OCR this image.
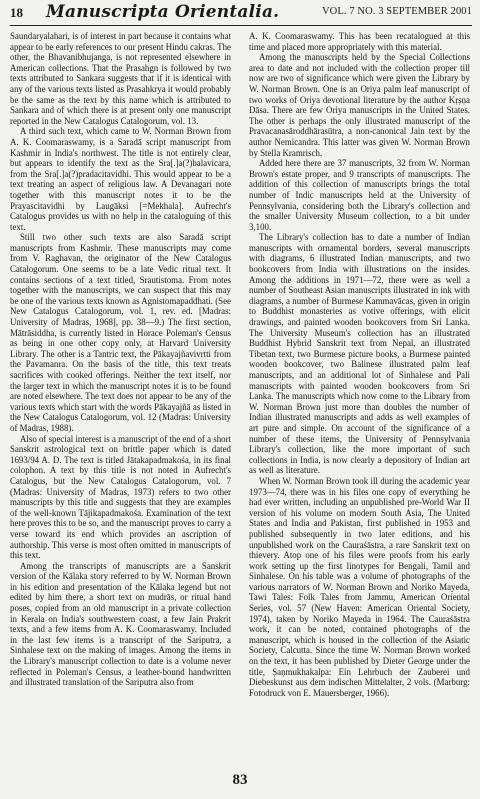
18 Manuscripta Orientalia.	VOL. 7 NO. 3 SEPTEMBER 2001

Saundaryalahari, is of interest in part because it contains what appear to be early references to our present Hindu cakras. The other, the Bhavanibhujanga, is not represented elsewhere in American collections. That the Prasahgn is followed by two texts attributed to Sankara suggests that if it is identical with any of the various texts listed as Prasahkrya it would probably be the same as the text by this name which is attributed to Sankara and of which there is at present only one manuscript reported in the New Catalogus Catalogorum, vol. 13.

A third such text, which came to W. Norman Brown from A. K. Coomaraswamy, is a Saradā script manuscript from Kashmir in India's northwest. The title is not entirely clear, but appears to identify the text as the Sra[.]a(?)balavicara, from the Sra[.]a(?)pradacitavidhi. This would appear to be a text treating an aspect of religious law. A Devanagari note together with this manuscript notes it to be the Prayascitavidhi by Laugāksi [=Mekhala]. Aufrecht's Catalogus provides us with no help in the cataloguing of this text.

Still two other such texts are also Saradā script manuscripts from Kashmir. These manuscripts may come from V. Raghavan, the originator of the New Catalogus Catalogorum. One seems to be a late Vedic ritual text. It contains sections of a text titled, Srautistoma. From notes together with the manuscripts, we can suspect that this may be one of the various texts known as Agnistomapaddhati. (See New Catalogus Catalogorum, vol. 1, rev. ed. [Madras: University of Madras, 1968], pp. 38—9.) The first section, Mātrāsiddha, is currently listed in Horace Poleman's Census as being in one other copy only, at Harvard University Library. The other is a Tantric text, the Pākayajñavivrtti from the Pavamanra. On the basis of the title, this text treats sacrifices with cooked offerings. Neither the text itself, nor the larger text in which the manuscript notes it is to be found are noted elsewhere. The text does not appear to be any of the various texts which start with the words Pākayajñā as listed in the New Catalogus Catalogorum, vol. 12 (Madras: University of Madras, 1988).

Also of special interest is a manuscript of the end of a short Sanskrit astrological text on brittle paper which is dated 1693/94 A. D. The text is titled Jātakapadmakośa, in its final colophon. A text by this title is not noted in Aufrecht's Catalogus, but the New Catalogus Catalogorum, vol. 7 (Madras: University of Madras, 1973) refers to two other manuscripts by this title and suggests that they are examples of the well-known Tājikapadmakośa. Examination of the text here proves this to be so, and the manuscript proves to carry a verse toward its end which provides an ascription of authorship. This verse is most often omitted in manuscripts of this text.

Among the transcripts of manuscripts are a Sanskrit version of the Kālaka story referred to by W. Norman Brown in his edition and presentation of the Kālaka legend but not edited by him there, a short text on mudrās, or ritual hand poses, copied from an old manuscript in a private collection in Kerala on India's southwestern coast, a few Jain Prakrit texts, and a few items from A. K. Coomaraswamy. Included in the last few items is a transcript of the Sariputra, a Sinhalese text on the making of images. Among the items in the Library's manuscript collection to date is a volume never reflected in Poleman's Census, a leather-bound handwritten and illustrated translation of the Sariputra also from

A. K. Coomaraswamy. This has been recatalogued at this time and placed more appropriately with this material.

Among the manuscripts held by the Special Collections area to date and not included with the collection proper till now are two of significance which were given the Library by W. Norman Brown. One is an Oriya palm leaf manuscript of two works of Oriya devotional literature by the author Kṛṣṇa Dāsa. There are few Oriya manuscripts in the United States. The other is perhaps the only illustrated manuscript of the Pravacanasāroddhārasūtra, a non-canonical Jain text by the author Nemicandra. This latter was given W. Norman Brown by Stella Kramrisch.

Added here there are 37 manuscripts, 32 from W. Norman Brown's estate proper, and 9 transcripts of manuscripts. The addition of this collection of manuscripts brings the total number of Indic manuscripts held at the University of Pennsylvania, considering both the Library's collection and the smaller University Museum collection, to a bit under 3,100.

The Library's collection has to date a number of Indian manuscripts with ornamental borders, several manuscripts with diagrams, 6 illustrated Indian manuscripts, and two bookcovers from India with illustrations on the insides. Among the additions in 1971—72, there were as well a number of Southeast Asian manuscripts illustrated in ink with diagrams, a number of Burmese Kammavācas, given in origin to Buddhist monasteries as votive offerings, with elicit drawings, and painted wooden bookcovers from Sri Lanka. The University Museum's collection has an illustrated Buddhist Hybrid Sanskrit text from Nepal, an illustrated Tibetan text, two Burmese picture books, a Burmese painted wooden bookcover, two Balinese illustrated palm leaf manuscripts, and an additional lot of Sinhalese and Pali manuscripts with painted wooden bookcovers from Sri Lanka. The manuscripts which now come to the Library from W. Norman Brown just more than doubles the number of Indian illustrated manuscripts and adds as well examples of art pure and simple. On account of the significance of a number of these items, the University of Pennsylvania Library's collection, like the more important of such collections in India, is now clearly a depository of Indian art as well as literature.

When W. Norman Brown took ill during the academic year 1973—74, there was in his files one copy of everything he had ever written, including an unpublished pre-World War II version of his volume on modern South Asia, The United States and India and Pakistan, first published in 1953 and published subsequently in two later editions, and his unpublished work on the Cauraśāstra, a rare Sanskrit text on thievery. Atop one of his files were proofs from his early work setting up the first linotypes for Bengali, Tamil and Sinhalese. On his table was a volume of photographs of the various narrators of W. Norman Brown and Noriko Mayeda, Tawi Tales: Folk Tales from Jammu, American Oriental Series, vol. 57 (New Haven: American Oriental Society, 1974), taken by Noriko Mayeda in 1964. The Cauraśāstra work, it can be noted, contained photographs of the manuscript, which is housed in the collection of the Asiatic Society, Calcutta. Since the time W. Norman Brown worked on the text, it has been published by Dieter George under the title, Ṣaṇmukhakalpa: Ein Lehrbuch der Zauberei und Diebeskunst aus dem indischen Mittelalter, 2 vols. (Marburg: Fotodruck von E. Mauersberger, 1966).

83
